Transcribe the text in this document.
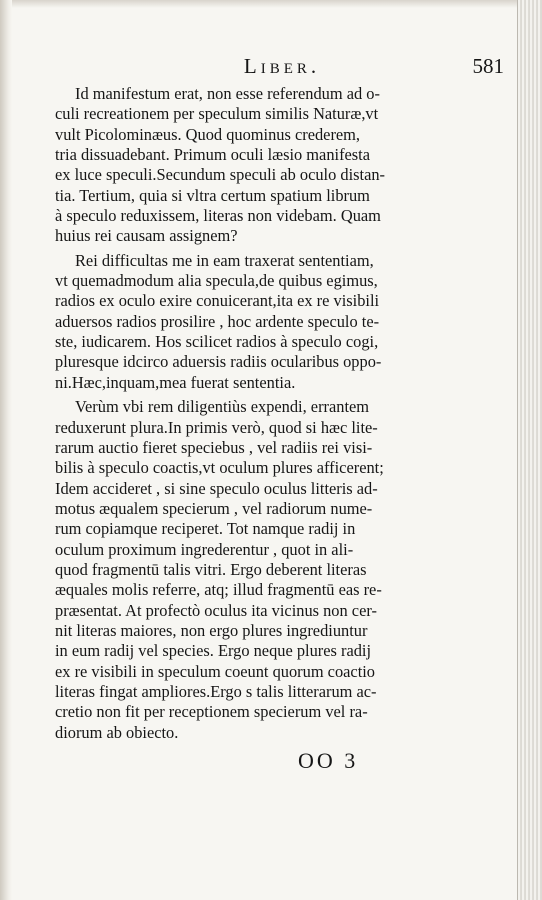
Liber.	581
Id manifestum erat, non esse referendum ad o-
culi recreationem per speculum similis Naturæ,vt
vult Picolominæus. Quod quominus crederem,
tria dissuadebant. Primum oculi læsio manifesta
ex luce speculi.Secundum speculi ab oculo distan-
tia. Tertium, quia si vltra certum spatium librum
à speculo reduxissem, literas non videbam. Quam
huius rei causam assignem?
Rei difficultas me in eam traxerat sententiam,
vt quemadmodum alia specula,de quibus egimus,
radios ex oculo exire conuicerant,ita ex re visibili
aduersos radios prosilire , hoc ardente speculo te-
ste, iudicarem. Hos scilicet radios à speculo cogi,
pluresque idcirco aduersis radiis ocularibus oppo-
ni.Hæc,inquam,mea fuerat sententia.
Verùm vbi rem diligentiùs expendi, errantem
reduxerunt plura.In primis verò, quod si hæc lite-
rarum auctio fieret speciebus , vel radiis rei visi-
bilis à speculo coactis,vt oculum plures afficerent;
Idem accideret , si sine speculo oculus litteris ad-
motus æqualem specierum , vel radiorum nume-
rum copiamque reciperet. Tot namque radij in
oculum proximum ingrederentur , quot in ali-
quod fragmentū talis vitri. Ergo deberent literas
æquales molis referre, atq; illud fragmentū eas re-
præsentat. At profectò oculus ita vicinus non cer-
nit literas maiores, non ergo plures ingrediuntur
in eum radij vel species. Ergo neque plures radij
ex re visibili in speculum coeunt quorum coactio
literas fingat ampliores.Ergo s talis litterarum ac-
cretio non fit per receptionem specierum vel ra-
diorum ab obiecto.
OO 3
